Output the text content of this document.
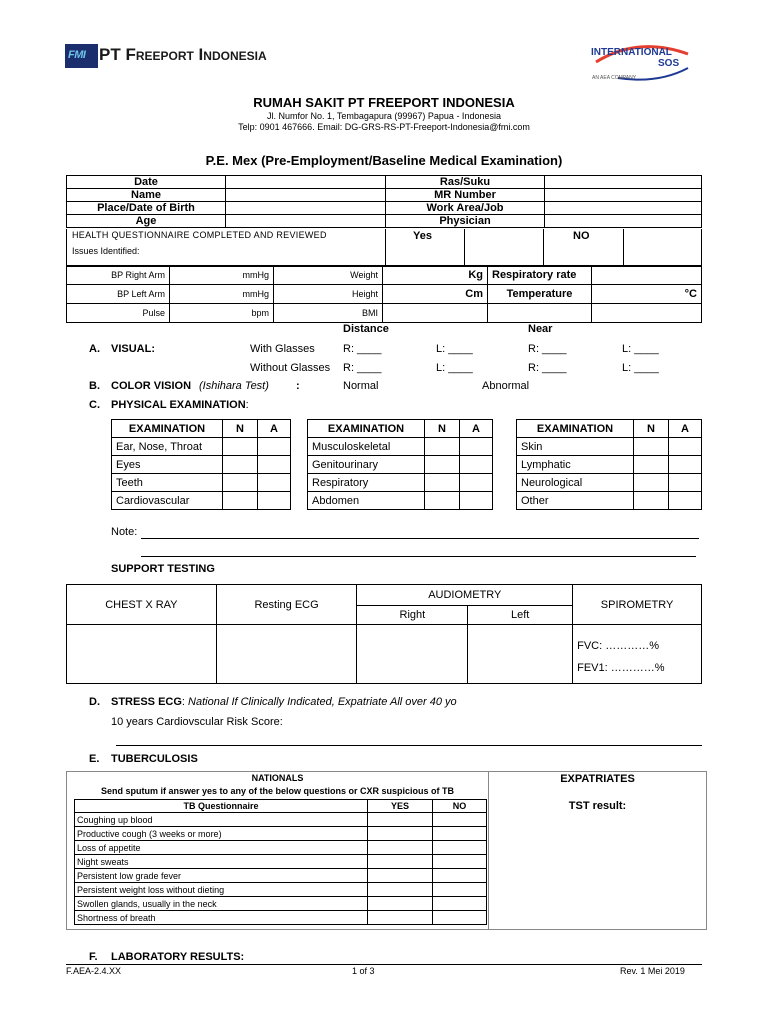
FMI PT Freeport Indonesia	INTERNATIONAL
SOS
AN AEA COMPANY
RUMAH SAKIT PT FREEPORT INDONESIA
Jl. Numfor No. 1, Tembagapura (99967) Papua - Indonesia
Telp: 0901 467666. Email: DG-GRS-RS-PT-Freeport-Indonesia@fmi.com
P.E. Mex (Pre-Employment/Baseline Medical Examination)
Date		Ras/Suku	
Name		MR Number	
Place/Date of Birth		Work Area/Job	
Age		Physician	
HEALTH QUESTIONNAIRE COMPLETED AND REVIEWED
Issues Identified:
Yes	NO
BP Right Arm	mmHg	Weight	Kg	Respiratory rate	
BP Left Arm	mmHg	Height	Cm	Temperature	°C
Pulse	bpm	BMI			
Distance	Near
A. VISUAL:	With Glasses	R: ____	L: ____	R: ____	L: ____
Without Glasses R: ____	L: ____	R: ____	L: ____
B. COLOR VISION (Ishihara Test) :	Normal	Abnormal
C. PHYSICAL EXAMINATION:
EXAMINATION	N	A
Ear, Nose, Throat		
Eyes		
Teeth		
Cardiovascular		
EXAMINATION	N	A
Musculoskeletal		
Genitourinary		
Respiratory		
Abdomen		
EXAMINATION	N	A
Skin		
Lymphatic		
Neurological		
Other		
Note:
SUPPORT TESTING
CHEST X RAY	Resting ECG	AUDIOMETRY		SPIROMETRY
		Right	Left	

				FVC: …………%
FEV1: …………%
D. STRESS ECG: National If Clinically Indicated, Expatriate All over 40 yo
10 years Cardiovscular Risk Score:
E. TUBERCULOSIS
NATIONALS
Send sputum if answer yes to any of the below questions or CXR suspicious of TB
EXPATRIATES
TST result:
TB Questionnaire	YES	NO
Coughing up blood		
Productive cough (3 weeks or more)		
Loss of appetite		
Night sweats		
Persistent low grade fever		
Persistent weight loss without dieting		
Swollen glands, usually in the neck		
Shortness of breath		
F. LABORATORY RESULTS:
F.AEA-2.4.XX	1 of 3	Rev. 1 Mei 2019
